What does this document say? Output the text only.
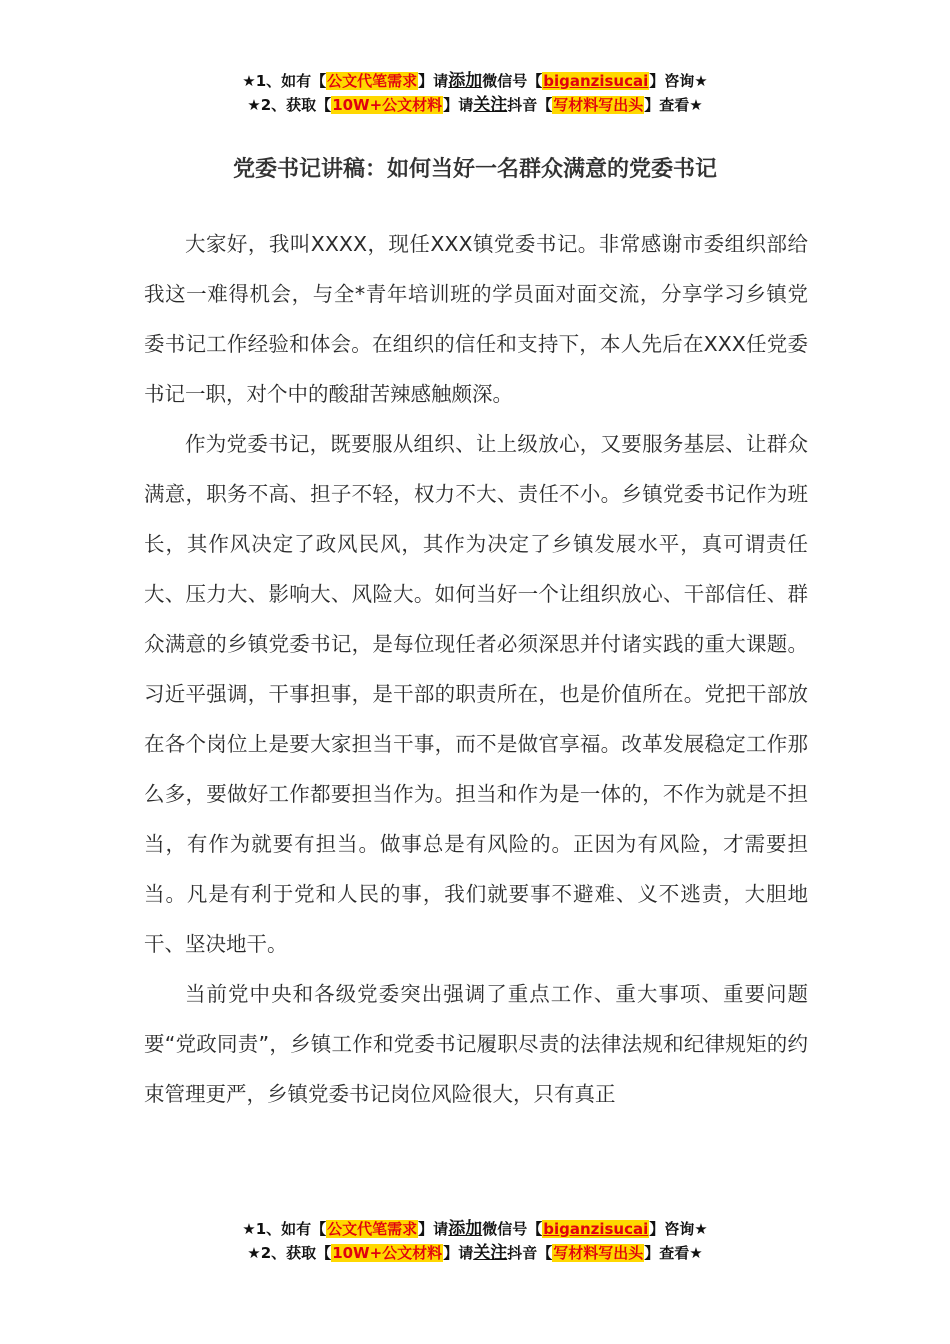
★1、如有【公文代笔需求】请添加微信号【biganzisucai】咨询★
★2、获取【10W+公文材料】请关注抖音【写材料写出头】查看★
党委书记讲稿：如何当好一名群众满意的党委书记

大家好，我叫XXXX，现任XXX镇党委书记。非常感谢市委组织部给我这一难得机会，与全*青年培训班的学员面对面交流，分享学习乡镇党委书记工作经验和体会。在组织的信任和支持下，本人先后在XXX任党委书记一职，对个中的酸甜苦辣感触颇深。

作为党委书记，既要服从组织、让上级放心，又要服务基层、让群众满意，职务不高、担子不轻，权力不大、责任不小。乡镇党委书记作为班长，其作风决定了政风民风，其作为决定了乡镇发展水平，真可谓责任大、压力大、影响大、风险大。如何当好一个让组织放心、干部信任、群众满意的乡镇党委书记，是每位现任者必须深思并付诸实践的重大课题。习近平强调，干事担事，是干部的职责所在，也是价值所在。党把干部放在各个岗位上是要大家担当干事，而不是做官享福。改革发展稳定工作那么多，要做好工作都要担当作为。担当和作为是一体的，不作为就是不担当，有作为就要有担当。做事总是有风险的。正因为有风险，才需要担当。凡是有利于党和人民的事，我们就要事不避难、义不逃责，大胆地干、坚决地干。

当前党中央和各级党委突出强调了重点工作、重大事项、重要问题要“党政同责”，乡镇工作和党委书记履职尽责的法律法规和纪律规矩的约束管理更严，乡镇党委书记岗位风险很大，只有真正

★1、如有【公文代笔需求】请添加微信号【biganzisucai】咨询★
★2、获取【10W+公文材料】请关注抖音【写材料写出头】查看★
